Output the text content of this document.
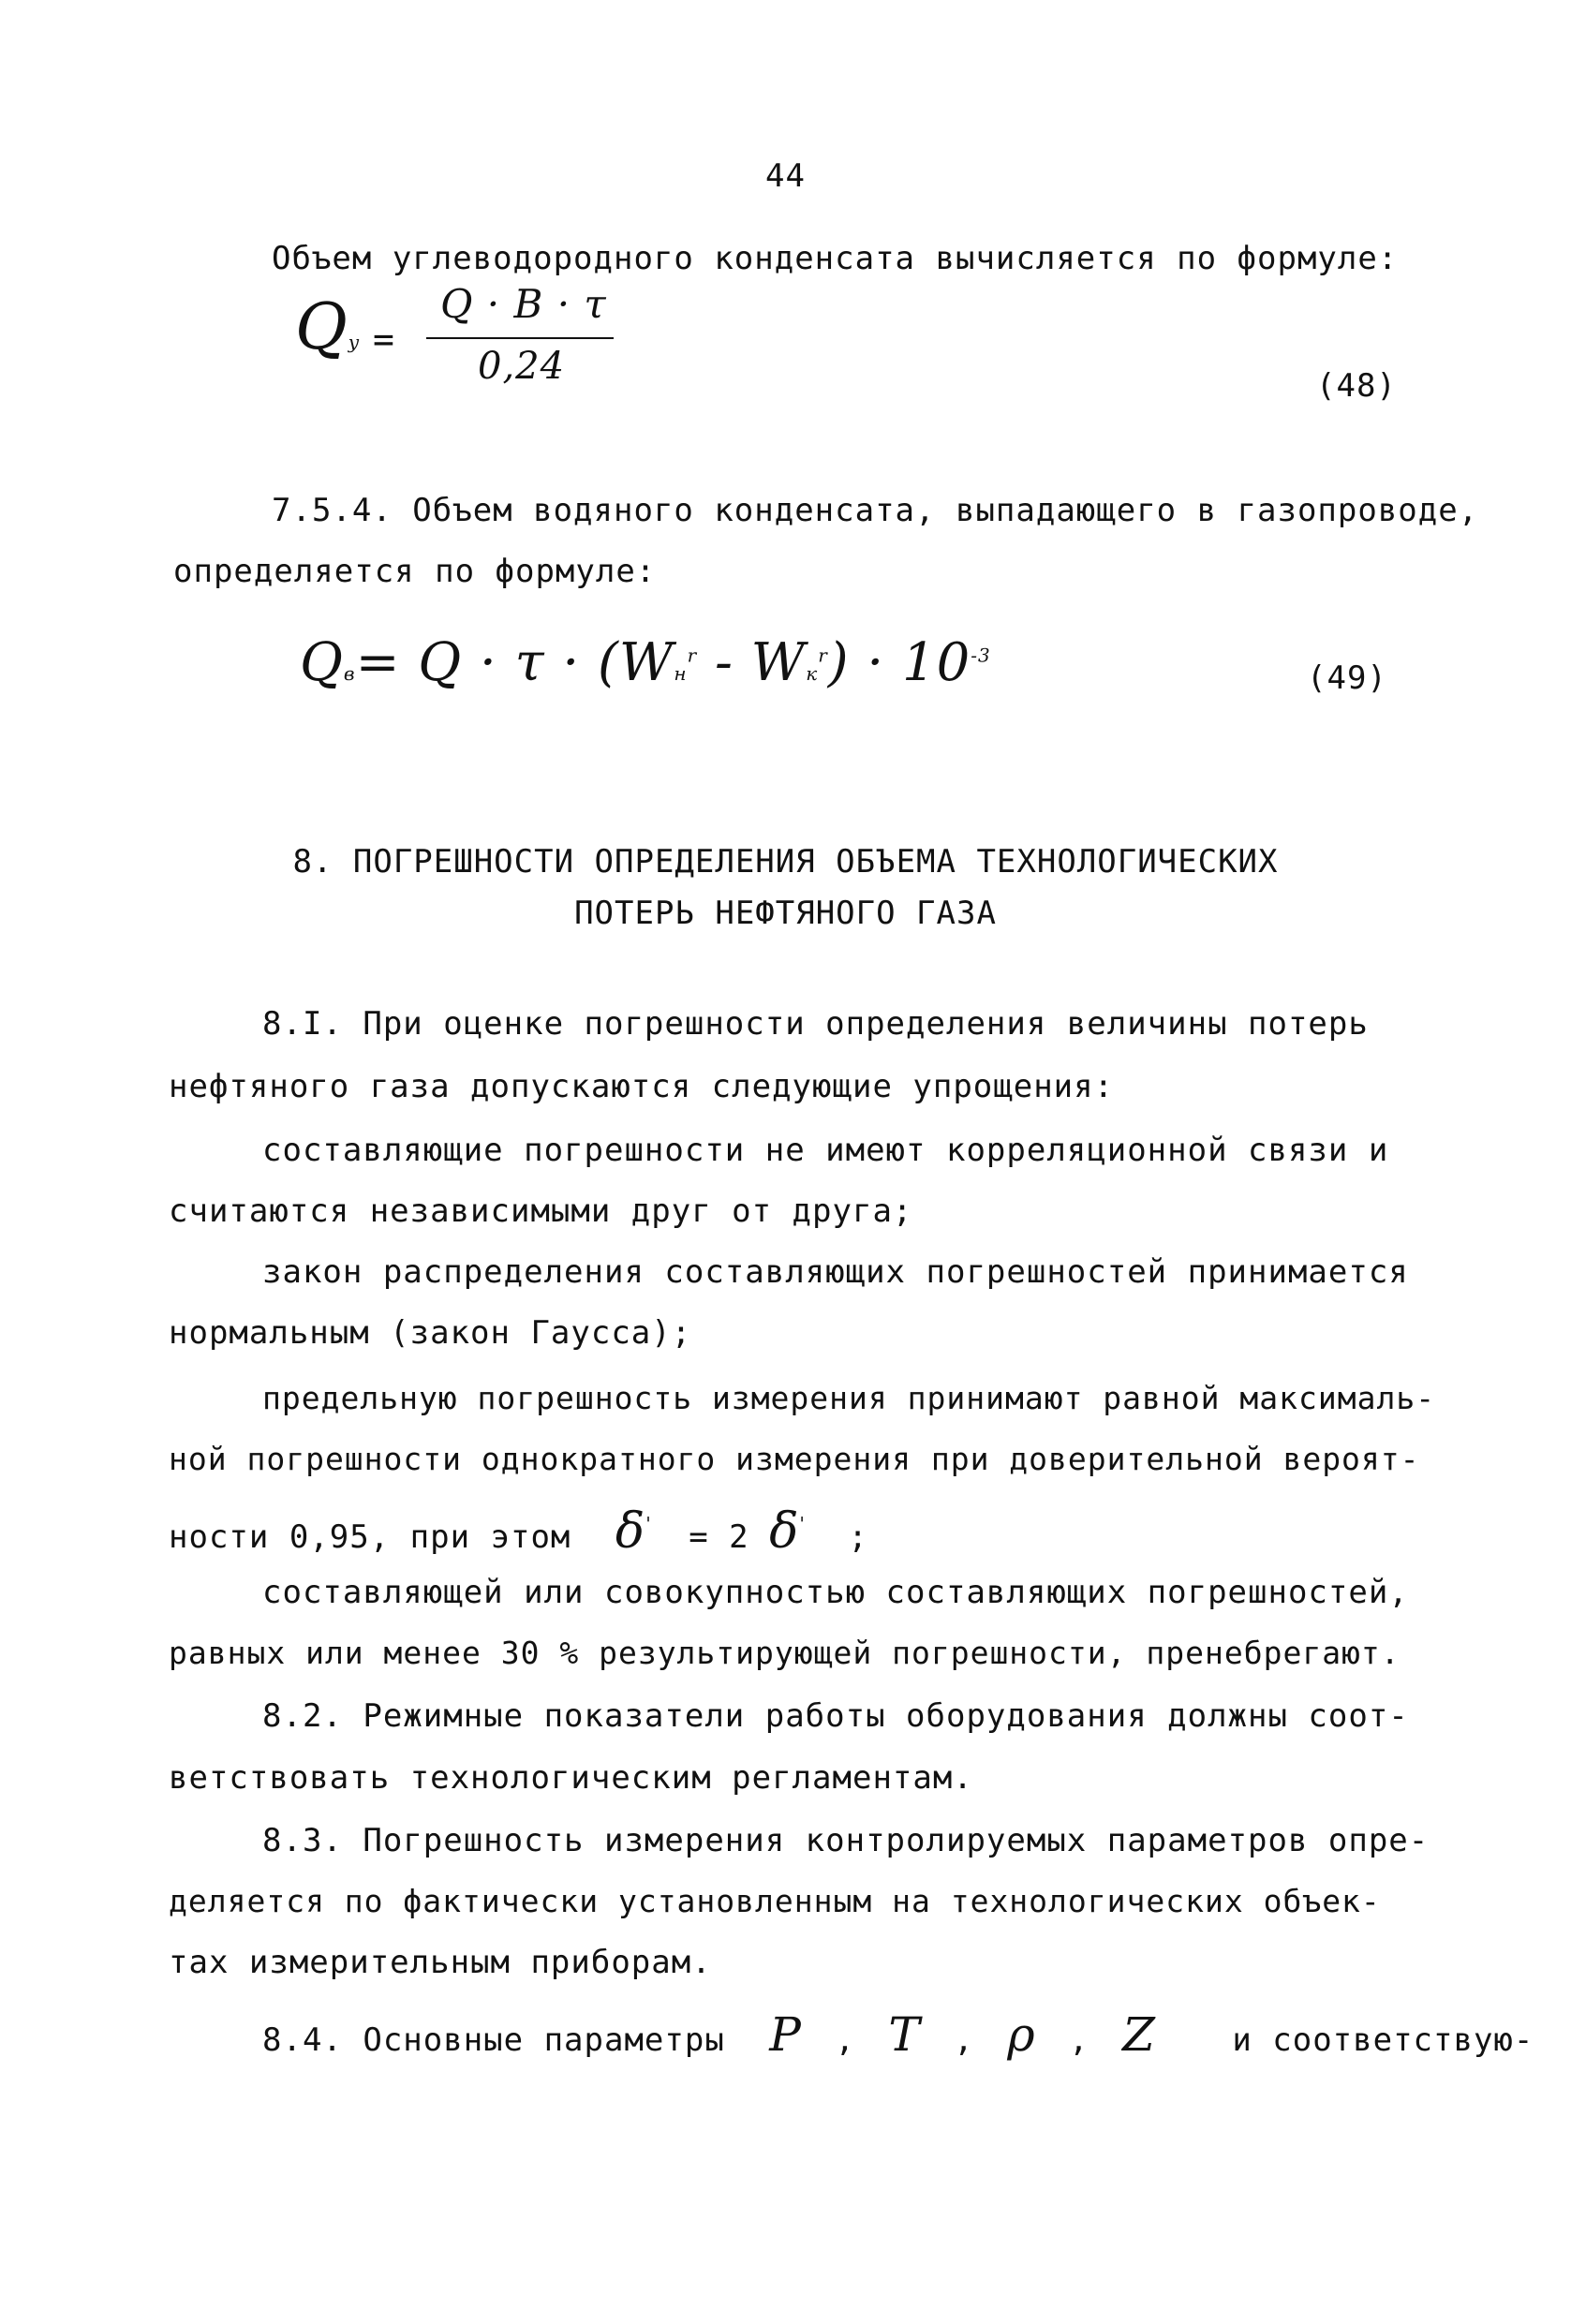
44
Объем углеводородного конденсата вычисляется по формуле:
Qy =
Q · B · τ
0,24	(48)
7.5.4. Объем водяного конденсата, выпадающего в газопроводе,
определяется по формуле:
$Qв= Q \cdot \tau \cdot (Wн^r - Wк^r) \cdot 10^{-3}$
(49)
8. ПОГРЕШНОСТИ ОПРЕДЕЛЕНИЯ ОБЪЕМА ТЕХНОЛОГИЧЕСКИХ
ПОТЕРЬ НЕФТЯНОГО ГАЗА
8.I. При оценке погрешности определения величины потерь
нефтяного газа допускаются следующие упрощения:
составляющие погрешности не имеют корреляционной связи и
считаются независимыми друг от друга;
закон распределения составляющих погрешностей принимается
нормальным (закон Гаусса);
предельную погрешность измерения принимают равной максималь-
ной погрешности однократного измерения при доверительной вероят-
ности 0,95, при этом δ' = 2 δ' ;
составляющей или совокупностью составляющих погрешностей,
равных или менее 30 % результирующей погрешности, пренебрегают.
8.2. Режимные показатели работы оборудования должны соот-
ветствовать технологическим регламентам.
8.3. Погрешность измерения контролируемых параметров опре-
деляется по фактически установленным на технологических объек-
тах измерительным приборам.
8.4. Основные параметры P , T , ρ , Z и соответствую-
